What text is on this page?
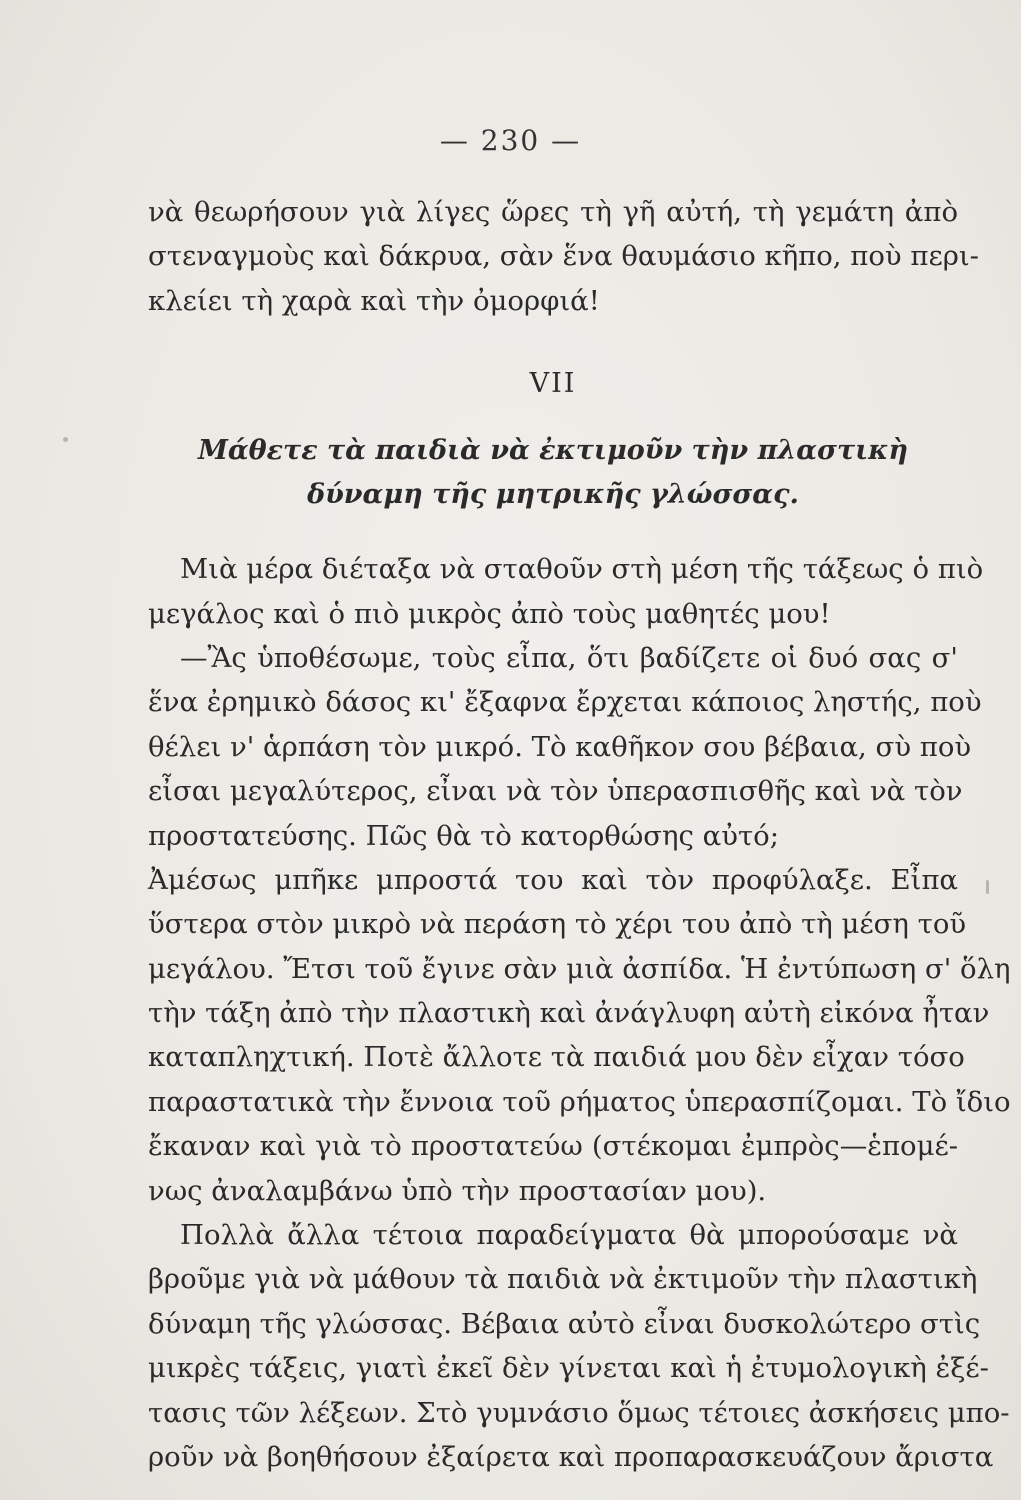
— 230 —
νὰ θεωρήσουν γιὰ λίγες ὥρες τὴ γῆ αὐτή, τὴ γεμάτη ἀπὸ
στεναγμοὺς καὶ δάκρυα, σὰν ἕνα θαυμάσιο κῆπο, ποὺ περι-
κλείει τὴ χαρὰ καὶ τὴν ὀμορφιά!
VII
Μάθετε τὰ παιδιὰ νὰ ἐκτιμοῦν τὴν πλαστικὴ
δύναμη τῆς μητρικῆς γλώσσας.
Μιὰ μέρα διέταξα νὰ σταθοῦν στὴ μέση τῆς τάξεως ὁ πιὸ
μεγάλος καὶ ὁ πιὸ μικρὸς ἀπὸ τοὺς μαθητές μου!
—Ἂς ὑποθέσωμε, τοὺς εἶπα, ὅτι βαδίζετε οἱ δυό σας σ'
ἕνα ἐρημικὸ δάσος κι' ἔξαφνα ἔρχεται κάποιος ληστής, ποὺ
θέλει ν' ἁρπάση τὸν μικρό. Τὸ καθῆκον σου βέβαια, σὺ ποὺ
εἶσαι μεγαλύτερος, εἶναι νὰ τὸν ὑπερασπισθῆς καὶ νὰ τὸν
προστατεύσης. Πῶς θὰ τὸ κατορθώσης αὐτό;
Ἀμέσως μπῆκε μπροστά του καὶ τὸν προφύλαξε. Εἶπα
ὕστερα στὸν μικρὸ νὰ περάση τὸ χέρι του ἀπὸ τὴ μέση τοῦ
μεγάλου. Ἔτσι τοῦ ἔγινε σὰν μιὰ ἀσπίδα. Ἡ ἐντύπωση σ' ὅλη
τὴν τάξη ἀπὸ τὴν πλαστικὴ καὶ ἀνάγλυφη αὐτὴ εἰκόνα ἦταν
καταπληχτική. Ποτὲ ἄλλοτε τὰ παιδιά μου δὲν εἶχαν τόσο
παραστατικὰ τὴν ἔννοια τοῦ ρήματος ὑπερασπίζομαι. Τὸ ἴδιο
ἔκαναν καὶ γιὰ τὸ προστατεύω (στέκομαι ἐμπρὸς—ἑπομέ-
νως ἀναλαμβάνω ὑπὸ τὴν προστασίαν μου).
Πολλὰ ἄλλα τέτοια παραδείγματα θὰ μπορούσαμε νὰ
βροῦμε γιὰ νὰ μάθουν τὰ παιδιὰ νὰ ἐκτιμοῦν τὴν πλαστικὴ
δύναμη τῆς γλώσσας. Βέβαια αὐτὸ εἶναι δυσκολώτερο στὶς
μικρὲς τάξεις, γιατὶ ἐκεῖ δὲν γίνεται καὶ ἡ ἐτυμολογικὴ ἐξέ-
τασις τῶν λέξεων. Στὸ γυμνάσιο ὅμως τέτοιες ἀσκήσεις μπο-
ροῦν νὰ βοηθήσουν ἐξαίρετα καὶ προπαρασκευάζουν ἄριστα
